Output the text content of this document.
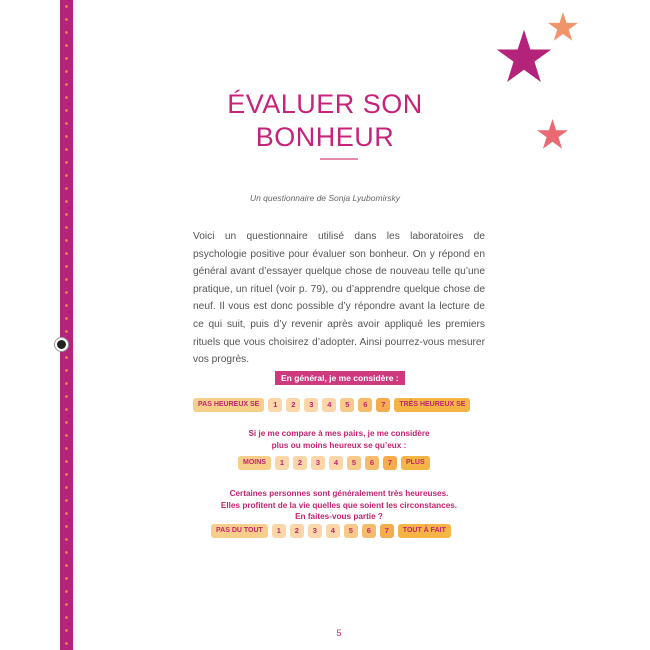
ÉVALUER SON
BONHEUR
Un questionnaire de Sonja Lyubomirsky
Voici un questionnaire utilisé dans les laboratoires de psychologie positive pour évaluer son bonheur. On y répond en général avant d’essayer quelque chose de nouveau telle qu’une pratique, un rituel (voir p. 79), ou d’apprendre quelque chose de neuf. Il vous est donc possible d’y répondre avant la lecture de ce qui suit, puis d’y revenir après avoir appliqué les premiers rituels que vous choisirez d’adopter. Ainsi pourrez-vous mesurer vos progrès.
En général, je me considère :
PAS HEUREUX SE	1	2	3	4	5	6	7	TRÈS HEUREUX SE
Si je me compare à mes pairs, je me considère
plus ou moins heureux se qu’eux :
MOINS	1	2	3	4	5	6	7	PLUS
Certaines personnes sont généralement très heureuses.
Elles profitent de la vie quelles que soient les circonstances.
En faites-vous partie ?
PAS DU TOUT	1	2	3	4	5	6	7	TOUT À FAIT
5
